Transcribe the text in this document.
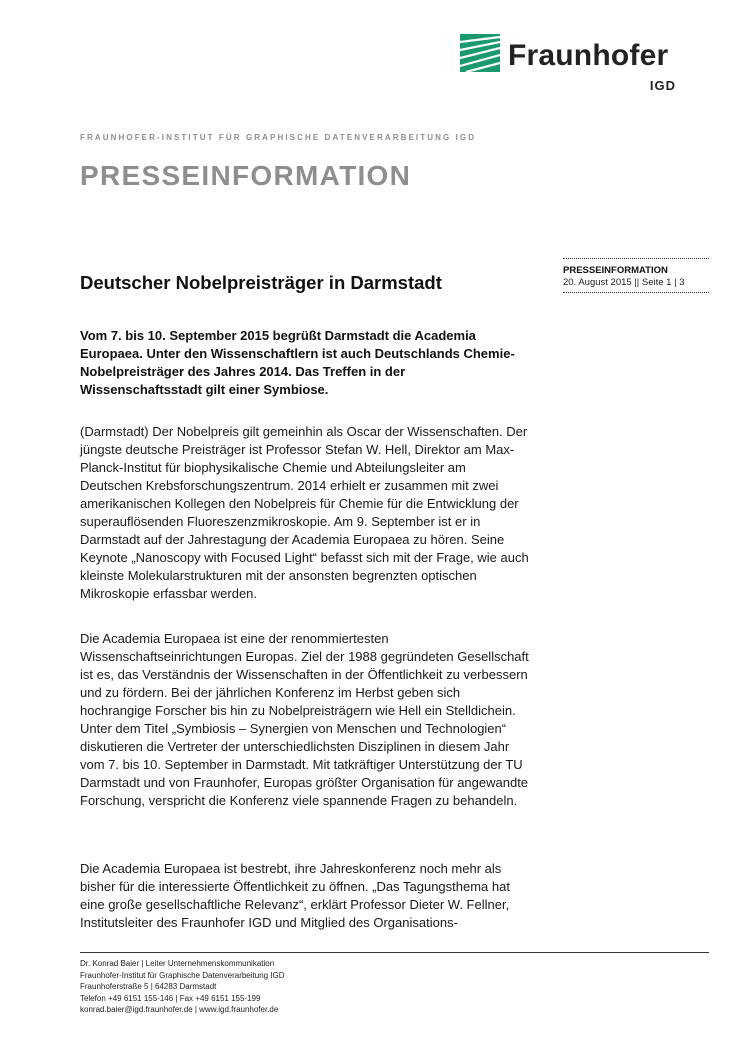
Fraunhofer
IGD
FRAUNHOFER-INSTITUT FÜR GRAPHISCHE DATENVERARBEITUNG IGD
PRESSEINFORMATION
PRESSEINFORMATION
20. August 2015 || Seite 1 | 3
Deutscher Nobelpreisträger in Darmstadt
Vom 7. bis 10. September 2015 begrüßt Darmstadt die Academia Europaea. Unter den Wissenschaftlern ist auch Deutschlands Chemie-Nobelpreisträger des Jahres 2014. Das Treffen in der Wissenschaftsstadt gilt einer Symbiose.
(Darmstadt) Der Nobelpreis gilt gemeinhin als Oscar der Wissenschaften. Der jüngste deutsche Preisträger ist Professor Stefan W. Hell, Direktor am Max-Planck-Institut für biophysikalische Chemie und Abteilungsleiter am Deutschen Krebsforschungszentrum. 2014 erhielt er zusammen mit zwei amerikanischen Kollegen den Nobelpreis für Chemie für die Entwicklung der superauflösenden Fluoreszenzmikroskopie. Am 9. September ist er in Darmstadt auf der Jahrestagung der Academia Europaea zu hören. Seine Keynote „Nanoscopy with Focused Light“ befasst sich mit der Frage, wie auch kleinste Molekularstrukturen mit der ansonsten begrenzten optischen Mikroskopie erfassbar werden.
Die Academia Europaea ist eine der renommiertesten Wissenschaftseinrichtungen Europas. Ziel der 1988 gegründeten Gesellschaft ist es, das Verständnis der Wissenschaften in der Öffentlichkeit zu verbessern und zu fördern. Bei der jährlichen Konferenz im Herbst geben sich hochrangige Forscher bis hin zu Nobelpreisträgern wie Hell ein Stelldichein. Unter dem Titel „Symbiosis – Synergien von Menschen und Technologien“ diskutieren die Vertreter der unterschiedlichsten Disziplinen in diesem Jahr vom 7. bis 10. September in Darmstadt. Mit tatkräftiger Unterstützung der TU Darmstadt und von Fraunhofer, Europas größter Organisation für angewandte Forschung, verspricht die Konferenz viele spannende Fragen zu behandeln.
Die Academia Europaea ist bestrebt, ihre Jahreskonferenz noch mehr als bisher für die interessierte Öffentlichkeit zu öffnen. „Das Tagungsthema hat eine große gesellschaftliche Relevanz“, erklärt Professor Dieter W. Fellner, Institutsleiter des Fraunhofer IGD und Mitglied des Organisations-
Dr. Konrad Baier | Leiter Unternehmenskommunikation
Fraunhofer-Institut für Graphische Datenverarbeitung IGD
Fraunhoferstraße 5 | 64283 Darmstadt
Telefon +49 6151 155-146 | Fax +49 6151 155-199
konrad.baier@igd.fraunhofer.de | www.igd.fraunhofer.de
